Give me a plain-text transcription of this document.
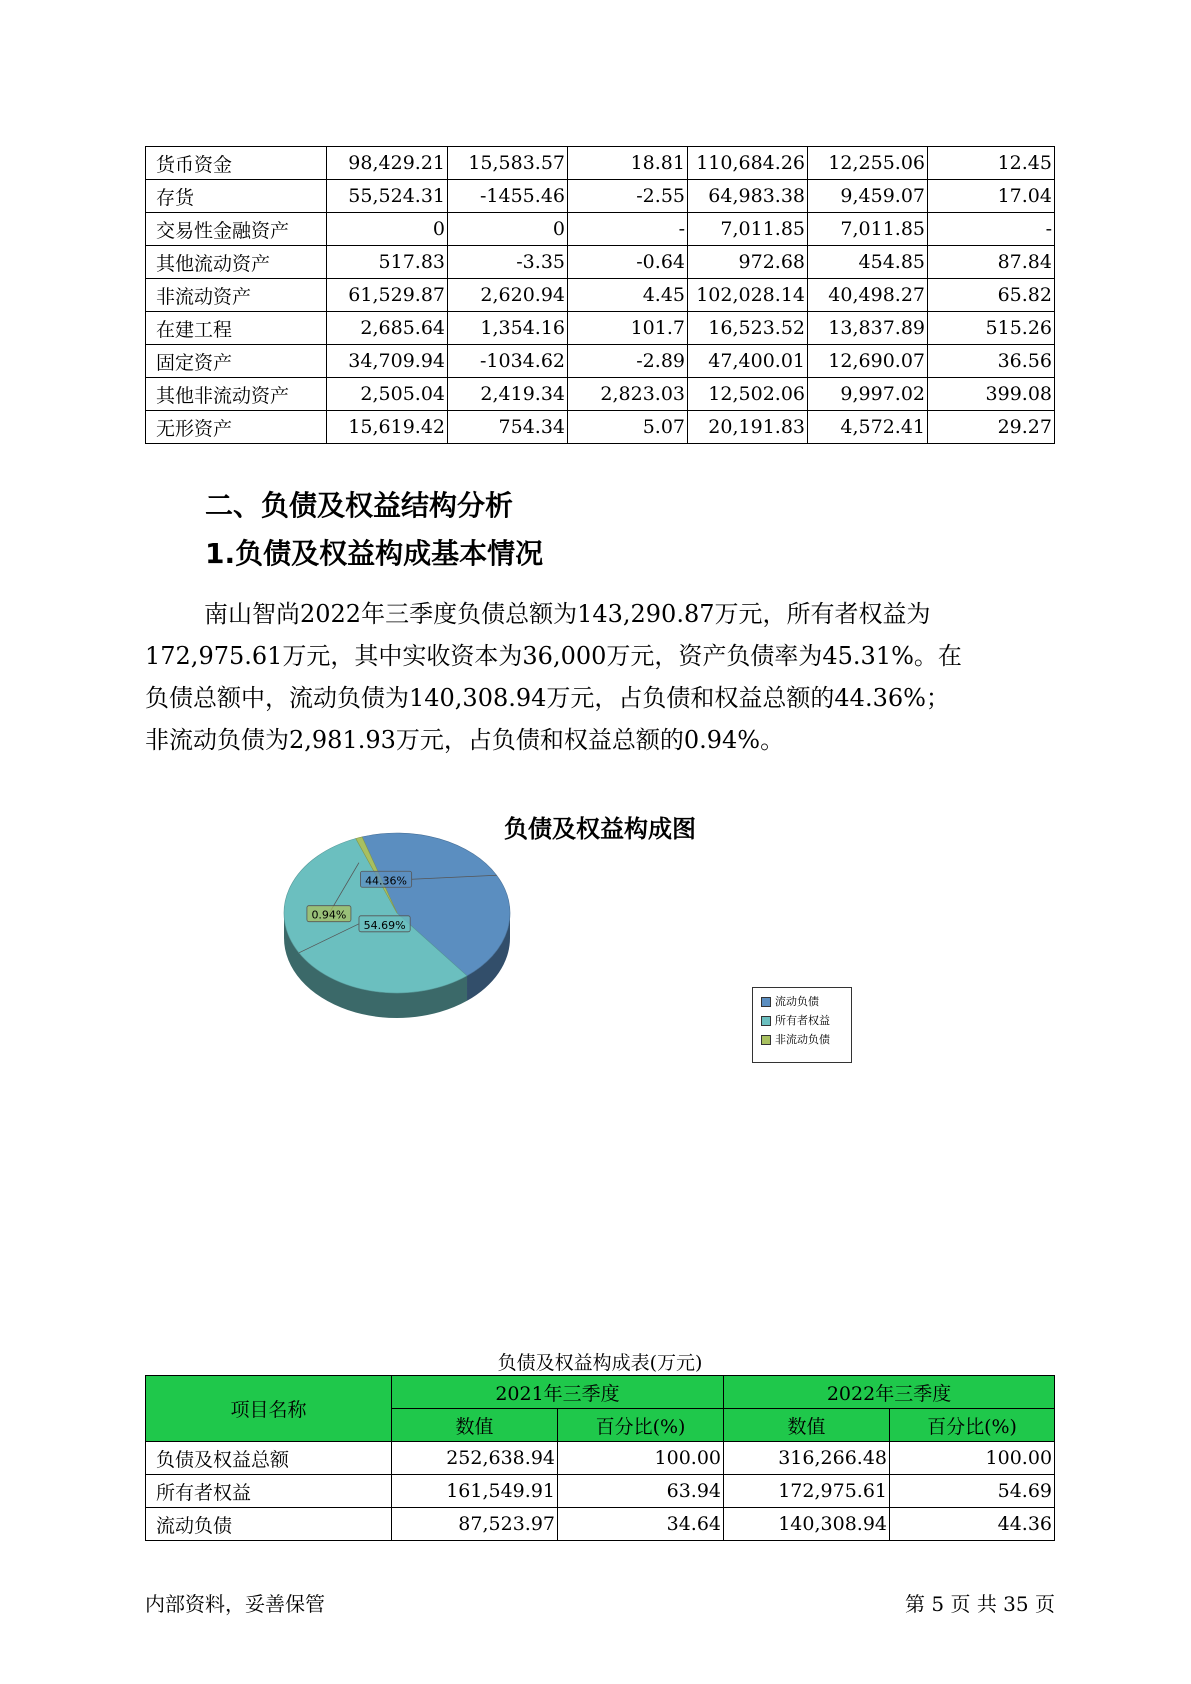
货币资金	98,429.21	15,583.57	18.81	110,684.26	12,255.06	12.45
存货	55,524.31	-1455.46	-2.55	64,983.38	9,459.07	17.04
交易性金融资产	0	0	-	7,011.85	7,011.85	-
其他流动资产	517.83	-3.35	-0.64	972.68	454.85	87.84
非流动资产	61,529.87	2,620.94	4.45	102,028.14	40,498.27	65.82
在建工程	2,685.64	1,354.16	101.7	16,523.52	13,837.89	515.26
固定资产	34,709.94	-1034.62	-2.89	47,400.01	12,690.07	36.56
其他非流动资产	2,505.04	2,419.34	2,823.03	12,502.06	9,997.02	399.08
无形资产	15,619.42	754.34	5.07	20,191.83	4,572.41	29.27
二、负债及权益结构分析
1.负债及权益构成基本情况
南山智尚2022年三季度负债总额为143,290.87万元，所有者权益为
172,975.61万元，其中实收资本为36,000万元，资产负债率为45.31%。在
负债总额中，流动负债为140,308.94万元，占负债和权益总额的44.36%；
非流动负债为2,981.93万元，占负债和权益总额的0.94%。
负债及权益构成图
44.36%
54.69%
0.94%
流动负债
所有者权益
非流动负债
负债及权益构成表(万元)
项目名称	2021年三季度		2022年三季度	
	数值	百分比(%)	数值	百分比(%)
负债及权益总额	252,638.94	100.00	316,266.48	100.00
所有者权益	161,549.91	63.94	172,975.61	54.69
流动负债	87,523.97	34.64	140,308.94	44.36
内部资料，妥善保管	第 5 页 共 35 页
